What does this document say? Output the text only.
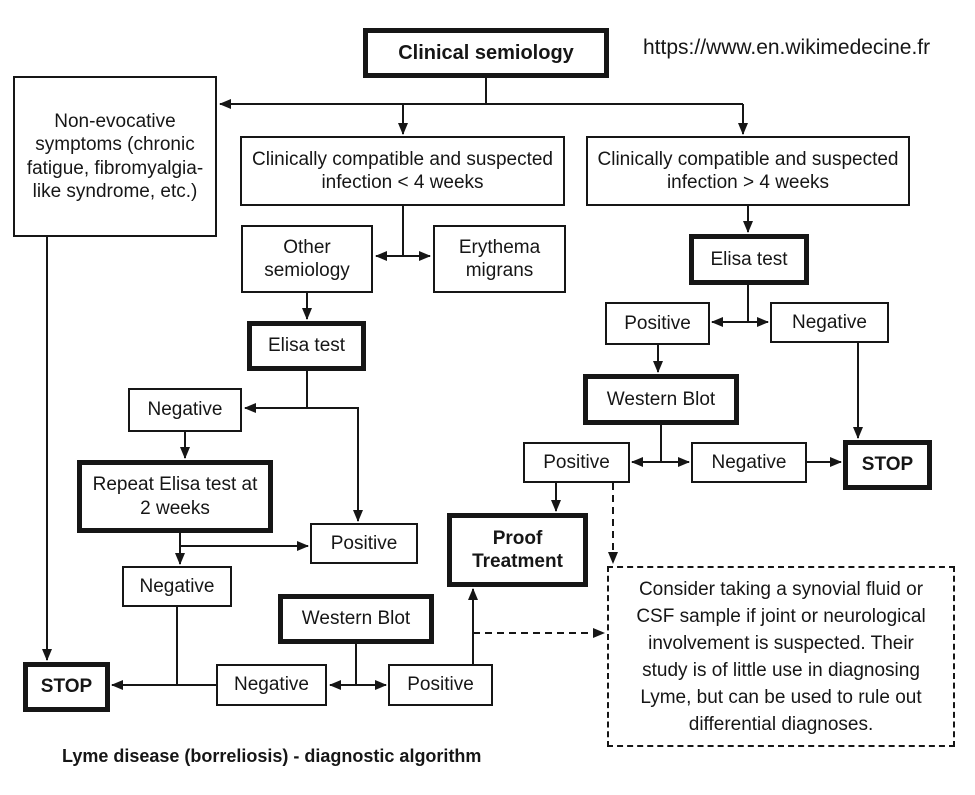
Clinical semiology	https://www.en.wikimedecine.fr
Non-evocative symptoms (chronic fatigue, fibromyalgia-like syndrome, etc.)
Clinically compatible and suspected infection < 4 weeks
Clinically compatible and suspected infection > 4 weeks
Other semiology
Erythema migrans
Elisa test
Negative
Repeat Elisa test at 2 weeks
Positive
Negative
Western Blot
Negative	Positive
STOP
Proof Treatment
Elisa test
Positive	Negative
Western Blot
Positive	Negative	STOP
Consider taking a synovial fluid or
CSF sample if joint or neurological
involvement is suspected. Their
study is of little use in diagnosing
Lyme, but can be used to rule out
differential diagnoses.
Lyme disease (borreliosis) - diagnostic algorithm
